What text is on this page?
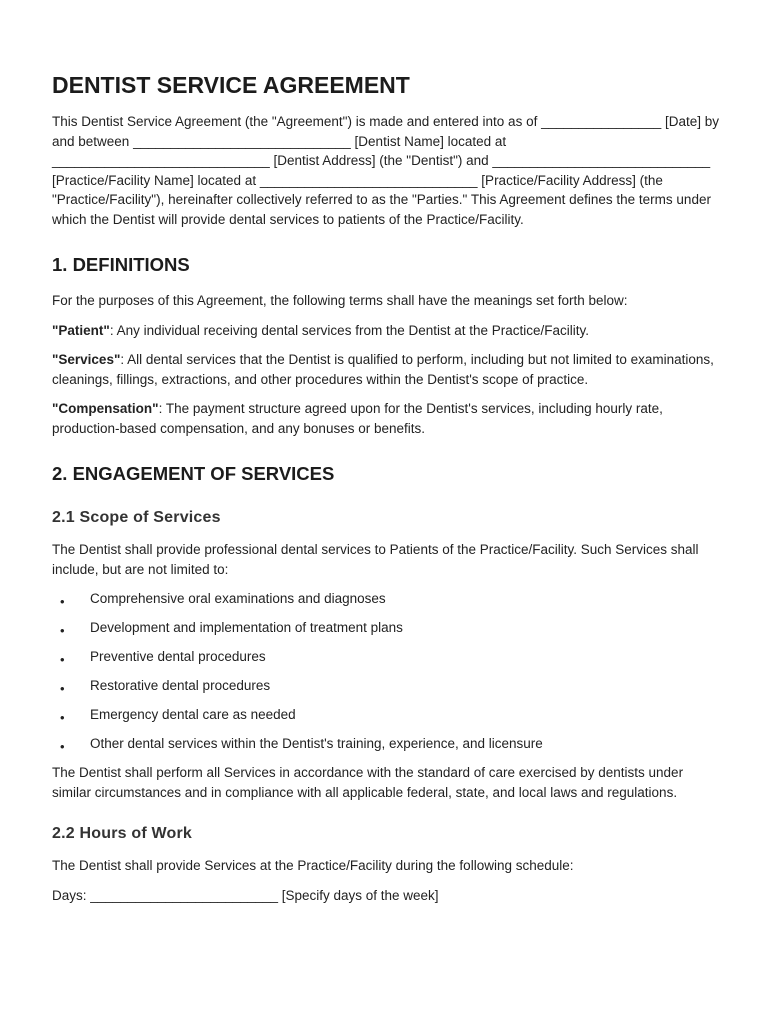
DENTIST SERVICE AGREEMENT

This Dentist Service Agreement (the "Agreement") is made and entered into as of ________________ [Date] by and between _____________________________ [Dentist Name] located at _____________________________ [Dentist Address] (the "Dentist") and _____________________________ [Practice/Facility Name] located at _____________________________ [Practice/Facility Address] (the "Practice/Facility"), hereinafter collectively referred to as the "Parties." This Agreement defines the terms under which the Dentist will provide dental services to patients of the Practice/Facility.

1. DEFINITIONS

For the purposes of this Agreement, the following terms shall have the meanings set forth below:

"Patient": Any individual receiving dental services from the Dentist at the Practice/Facility.

"Services": All dental services that the Dentist is qualified to perform, including but not limited to examinations, cleanings, fillings, extractions, and other procedures within the Dentist's scope of practice.

"Compensation": The payment structure agreed upon for the Dentist's services, including hourly rate, production-based compensation, and any bonuses or benefits.

2. ENGAGEMENT OF SERVICES
2.1 Scope of Services

The Dentist shall provide professional dental services to Patients of the Practice/Facility. Such Services shall include, but are not limited to:

• Comprehensive oral examinations and diagnoses
• Development and implementation of treatment plans
• Preventive dental procedures
• Restorative dental procedures
• Emergency dental care as needed
• Other dental services within the Dentist's training, experience, and licensure

The Dentist shall perform all Services in accordance with the standard of care exercised by dentists under similar circumstances and in compliance with all applicable federal, state, and local laws and regulations.

2.2 Hours of Work

The Dentist shall provide Services at the Practice/Facility during the following schedule:

Days: _________________________ [Specify days of the week]
